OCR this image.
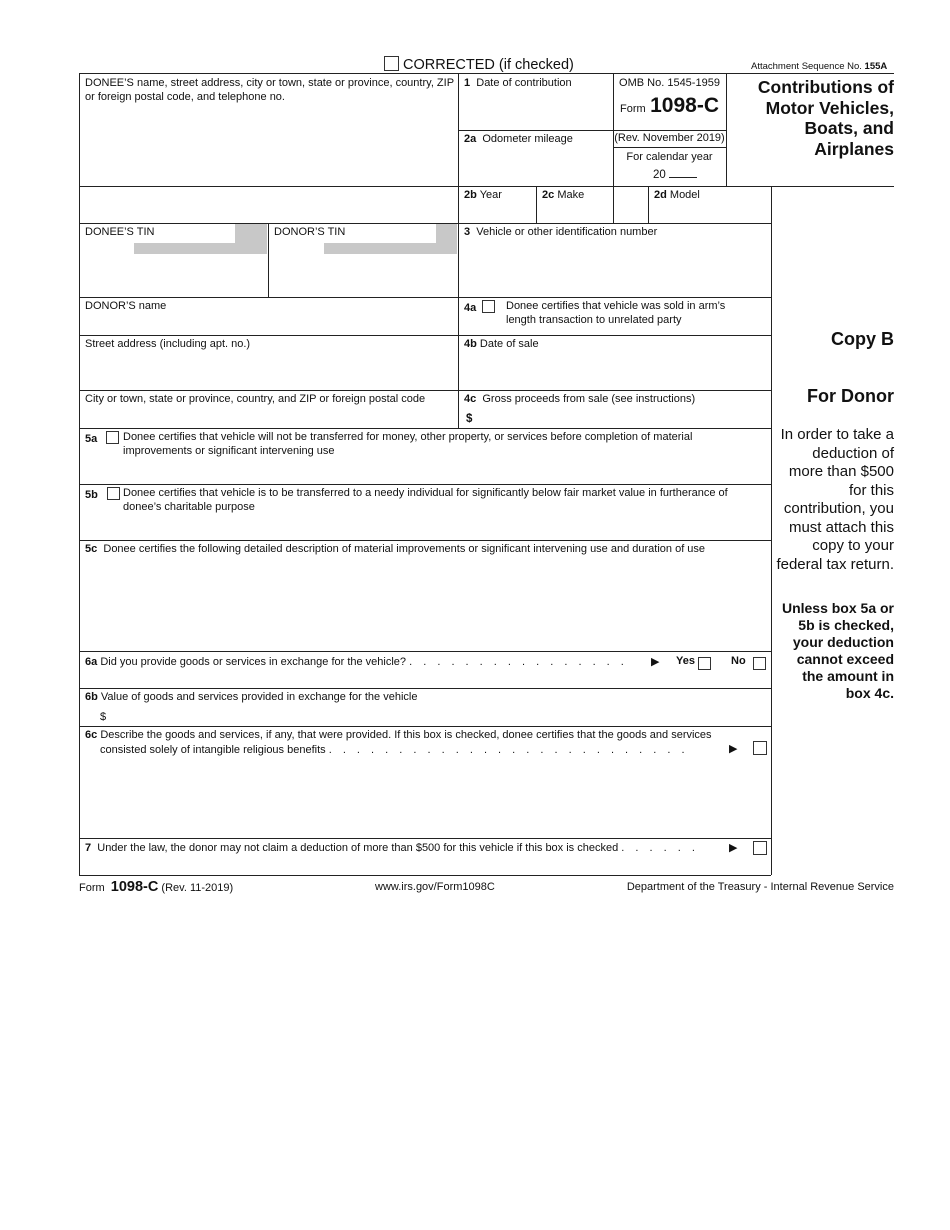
CORRECTED (if checked)	Attachment Sequence No. 155A
DONEE’S name, street address, city or town, state or province, country, ZIP or foreign postal code, and telephone no.
1 Date of contribution
2a Odometer mileage
OMB No. 1545-1959
Form 1098-C
(Rev. November 2019)
For calendar year
20
Contributions of Motor Vehicles, Boats, and Airplanes
2b Year	2c Make	2d Model
DONEE’S TIN	DONOR’S TIN	3 Vehicle or other identification number
DONOR’S name	4a	Donee certifies that vehicle was sold in arm’s length transaction to unrelated party
Street address (including apt. no.)	4b Date of sale
City or town, state or province, country, and ZIP or foreign postal code	4c Gross proceeds from sale (see instructions)
$
5a	Donee certifies that vehicle will not be transferred for money, other property, or services before completion of material improvements or significant intervening use
5b	Donee certifies that vehicle is to be transferred to a needy individual for significantly below fair market value in furtherance of donee’s charitable purpose
5c Donee certifies the following detailed description of material improvements or significant intervening use and duration of use
6a Did you provide goods or services in exchange for the vehicle? . . . . . . . . . . . . . . . . ▶ Yes	No
6b Value of goods and services provided in exchange for the vehicle
$
6c Describe the goods and services, if any, that were provided. If this box is checked, donee certifies that the goods and services
consisted solely of intangible religious benefits . . . . . . . . . . . . . . . . . . . . . . . . . .	▶
7 Under the law, the donor may not claim a deduction of more than $500 for this vehicle if this box is checked . . . . . .	▶
Copy B
For Donor
In order to take a deduction of more than $500 for this contribution, you must attach this copy to your federal tax return.
Unless box 5a or 5b is checked, your deduction cannot exceed the amount in box 4c.
Form 1098-C (Rev. 11-2019)	www.irs.gov/Form1098C	Department of the Treasury - Internal Revenue Service
